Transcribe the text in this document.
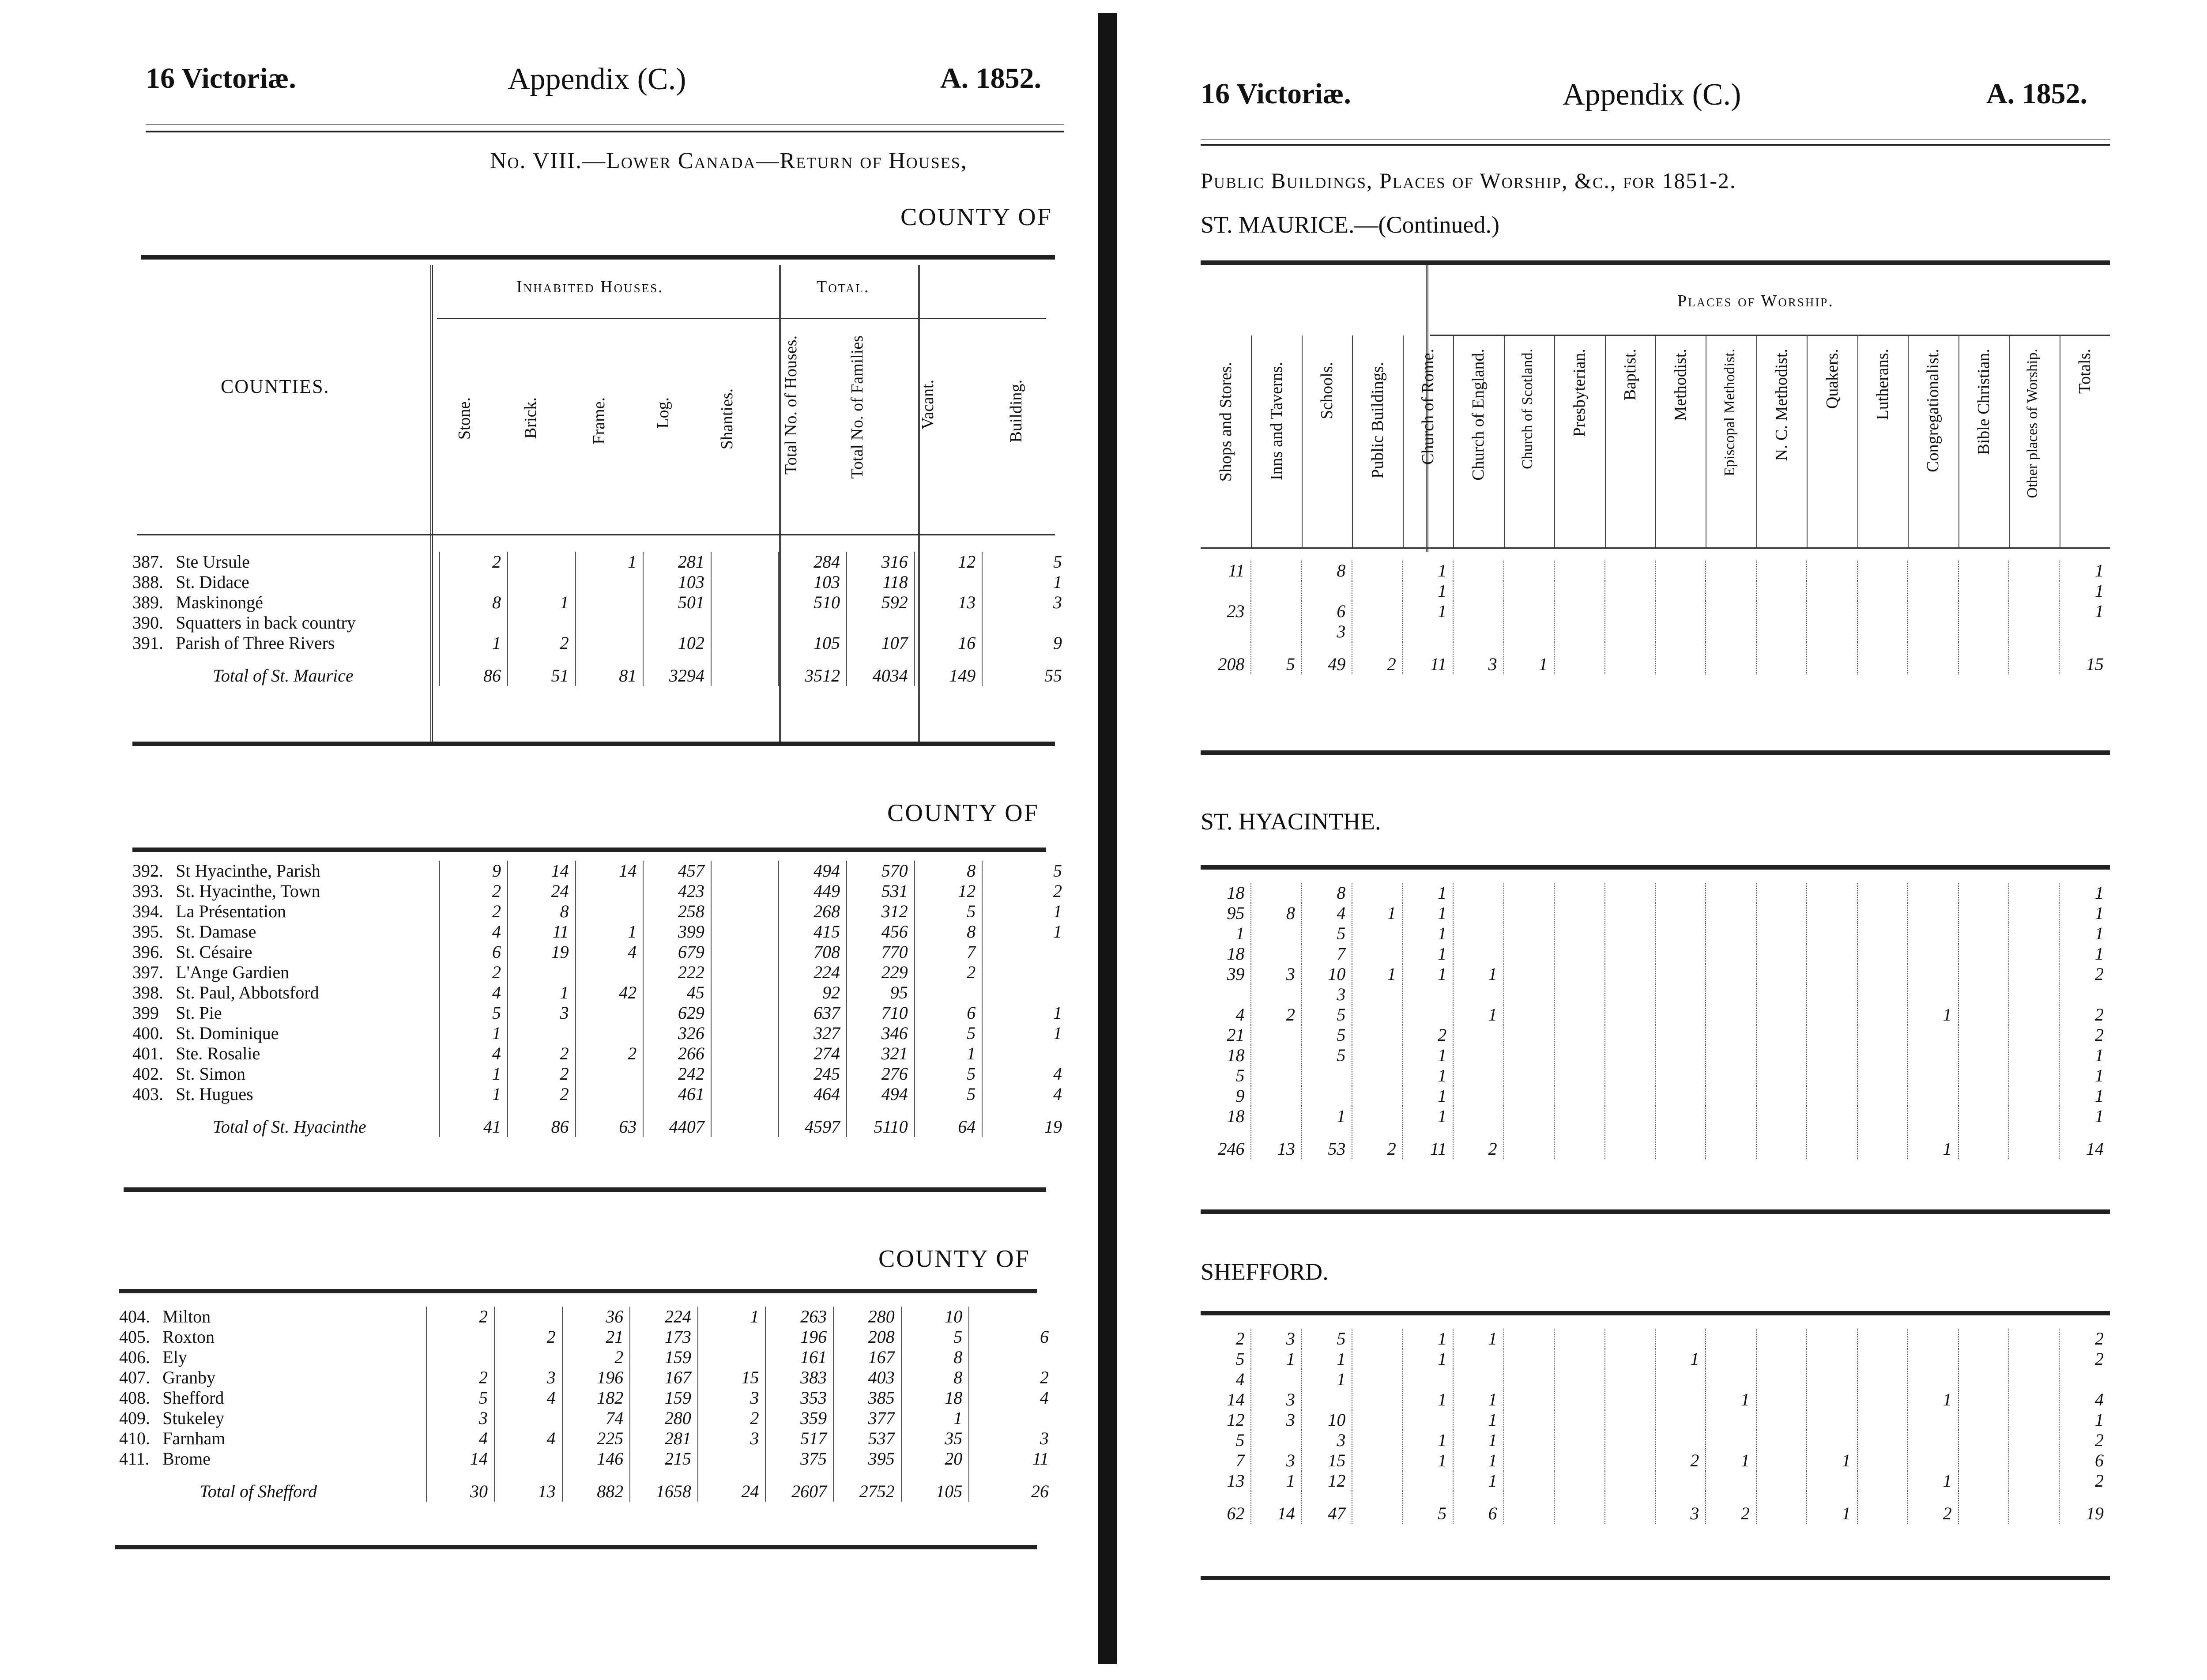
16 Victoriæ.	Appendix (C.)	A. 1852.
No. VIII.—Lower Canada—Return of Houses,
COUNTY OF
COUNTIES.
Inhabited Houses.	Total.
Stone.	Brick.	Frame.	Log.	Shanties.	Total No. of Houses.	Total No. of Families	Vacant.	Building.
387.	Ste Ursule	2		1	281		284	316	12	5
388.	St. Didace				103		103	118		1
389.	Maskinongé	8	1		501		510	592	13	3
390.	Squatters in back country									
391.	Parish of Three Rivers	1	2		102		105	107	16	9
	Total of St. Maurice	86	51	81	3294		3512	4034	149	55
COUNTY OF
392.	St Hyacinthe, Parish	9	14	14	457		494	570	8	5
393.	St. Hyacinthe, Town	2	24		423		449	531	12	2
394.	La Présentation	2	8		258		268	312	5	1
395.	St. Damase	4	11	1	399		415	456	8	1
396.	St. Césaire	6	19	4	679		708	770	7	
397.	L'Ange Gardien	2			222		224	229	2	
398.	St. Paul, Abbotsford	4	1	42	45		92	95		
399	St. Pie	5	3		629		637	710	6	1
400.	St. Dominique	1			326		327	346	5	1
401.	Ste. Rosalie	4	2	2	266		274	321	1	
402.	St. Simon	1	2		242		245	276	5	4
403.	St. Hugues	1	2		461		464	494	5	4
	Total of St. Hyacinthe	41	86	63	4407		4597	5110	64	19
COUNTY OF
404.	Milton	2		36	224	1	263	280	10	
405.	Roxton		2	21	173		196	208	5	6
406.	Ely			2	159		161	167	8	
407.	Granby	2	3	196	167	15	383	403	8	2
408.	Shefford	5	4	182	159	3	353	385	18	4
409.	Stukeley	3		74	280	2	359	377	1	
410.	Farnham	4	4	225	281	3	517	537	35	3
411.	Brome	14		146	215		375	395	20	11
	Total of Shefford	30	13	882	1658	24	2607	2752	105	26
16 Victoriæ.	Appendix (C.)	A. 1852.
Public Buildings, Places of Worship, &c., for 1851-2.
ST. MAURICE.—(Continued.)
Places of Worship.
Shops and Stores. Inns and Taverns. Schools. Public Buildings. Church of Rome. Church of England. Church of Scotland. Presbyterian. Baptist. Methodist. Episcopal Methodist. N. C. Methodist. Quakers. Lutherans. Congregationalist. Bible Christian. Other places of Worship. Totals.
11		8		1													1
				1													1
23		6		1													1

		3															
208	5	49	2	11	3	1											15
ST. HYACINTHE.
18		8		1													1
95	8	4	1	1													1
1		5		1													1
18		7		1													1
39	3	10	1	1	1												2
		3															
4	2	5			1									1			2
21		5		2													2
18		5		1													1
5				1													1
9				1													1
18		1		1													1
246	13	53	2	11	2									1			14
SHEFFORD.
2	3	5		1	1												2
5	1	1		1					1								2
4		1															
14	3			1	1					1				1			4
12	3	10			1												1
5		3		1	1												2
7	3	15		1	1				2	1		1					6
13	1	12			1									1			2
62	14	47		5	6				3	2		1		2			19
